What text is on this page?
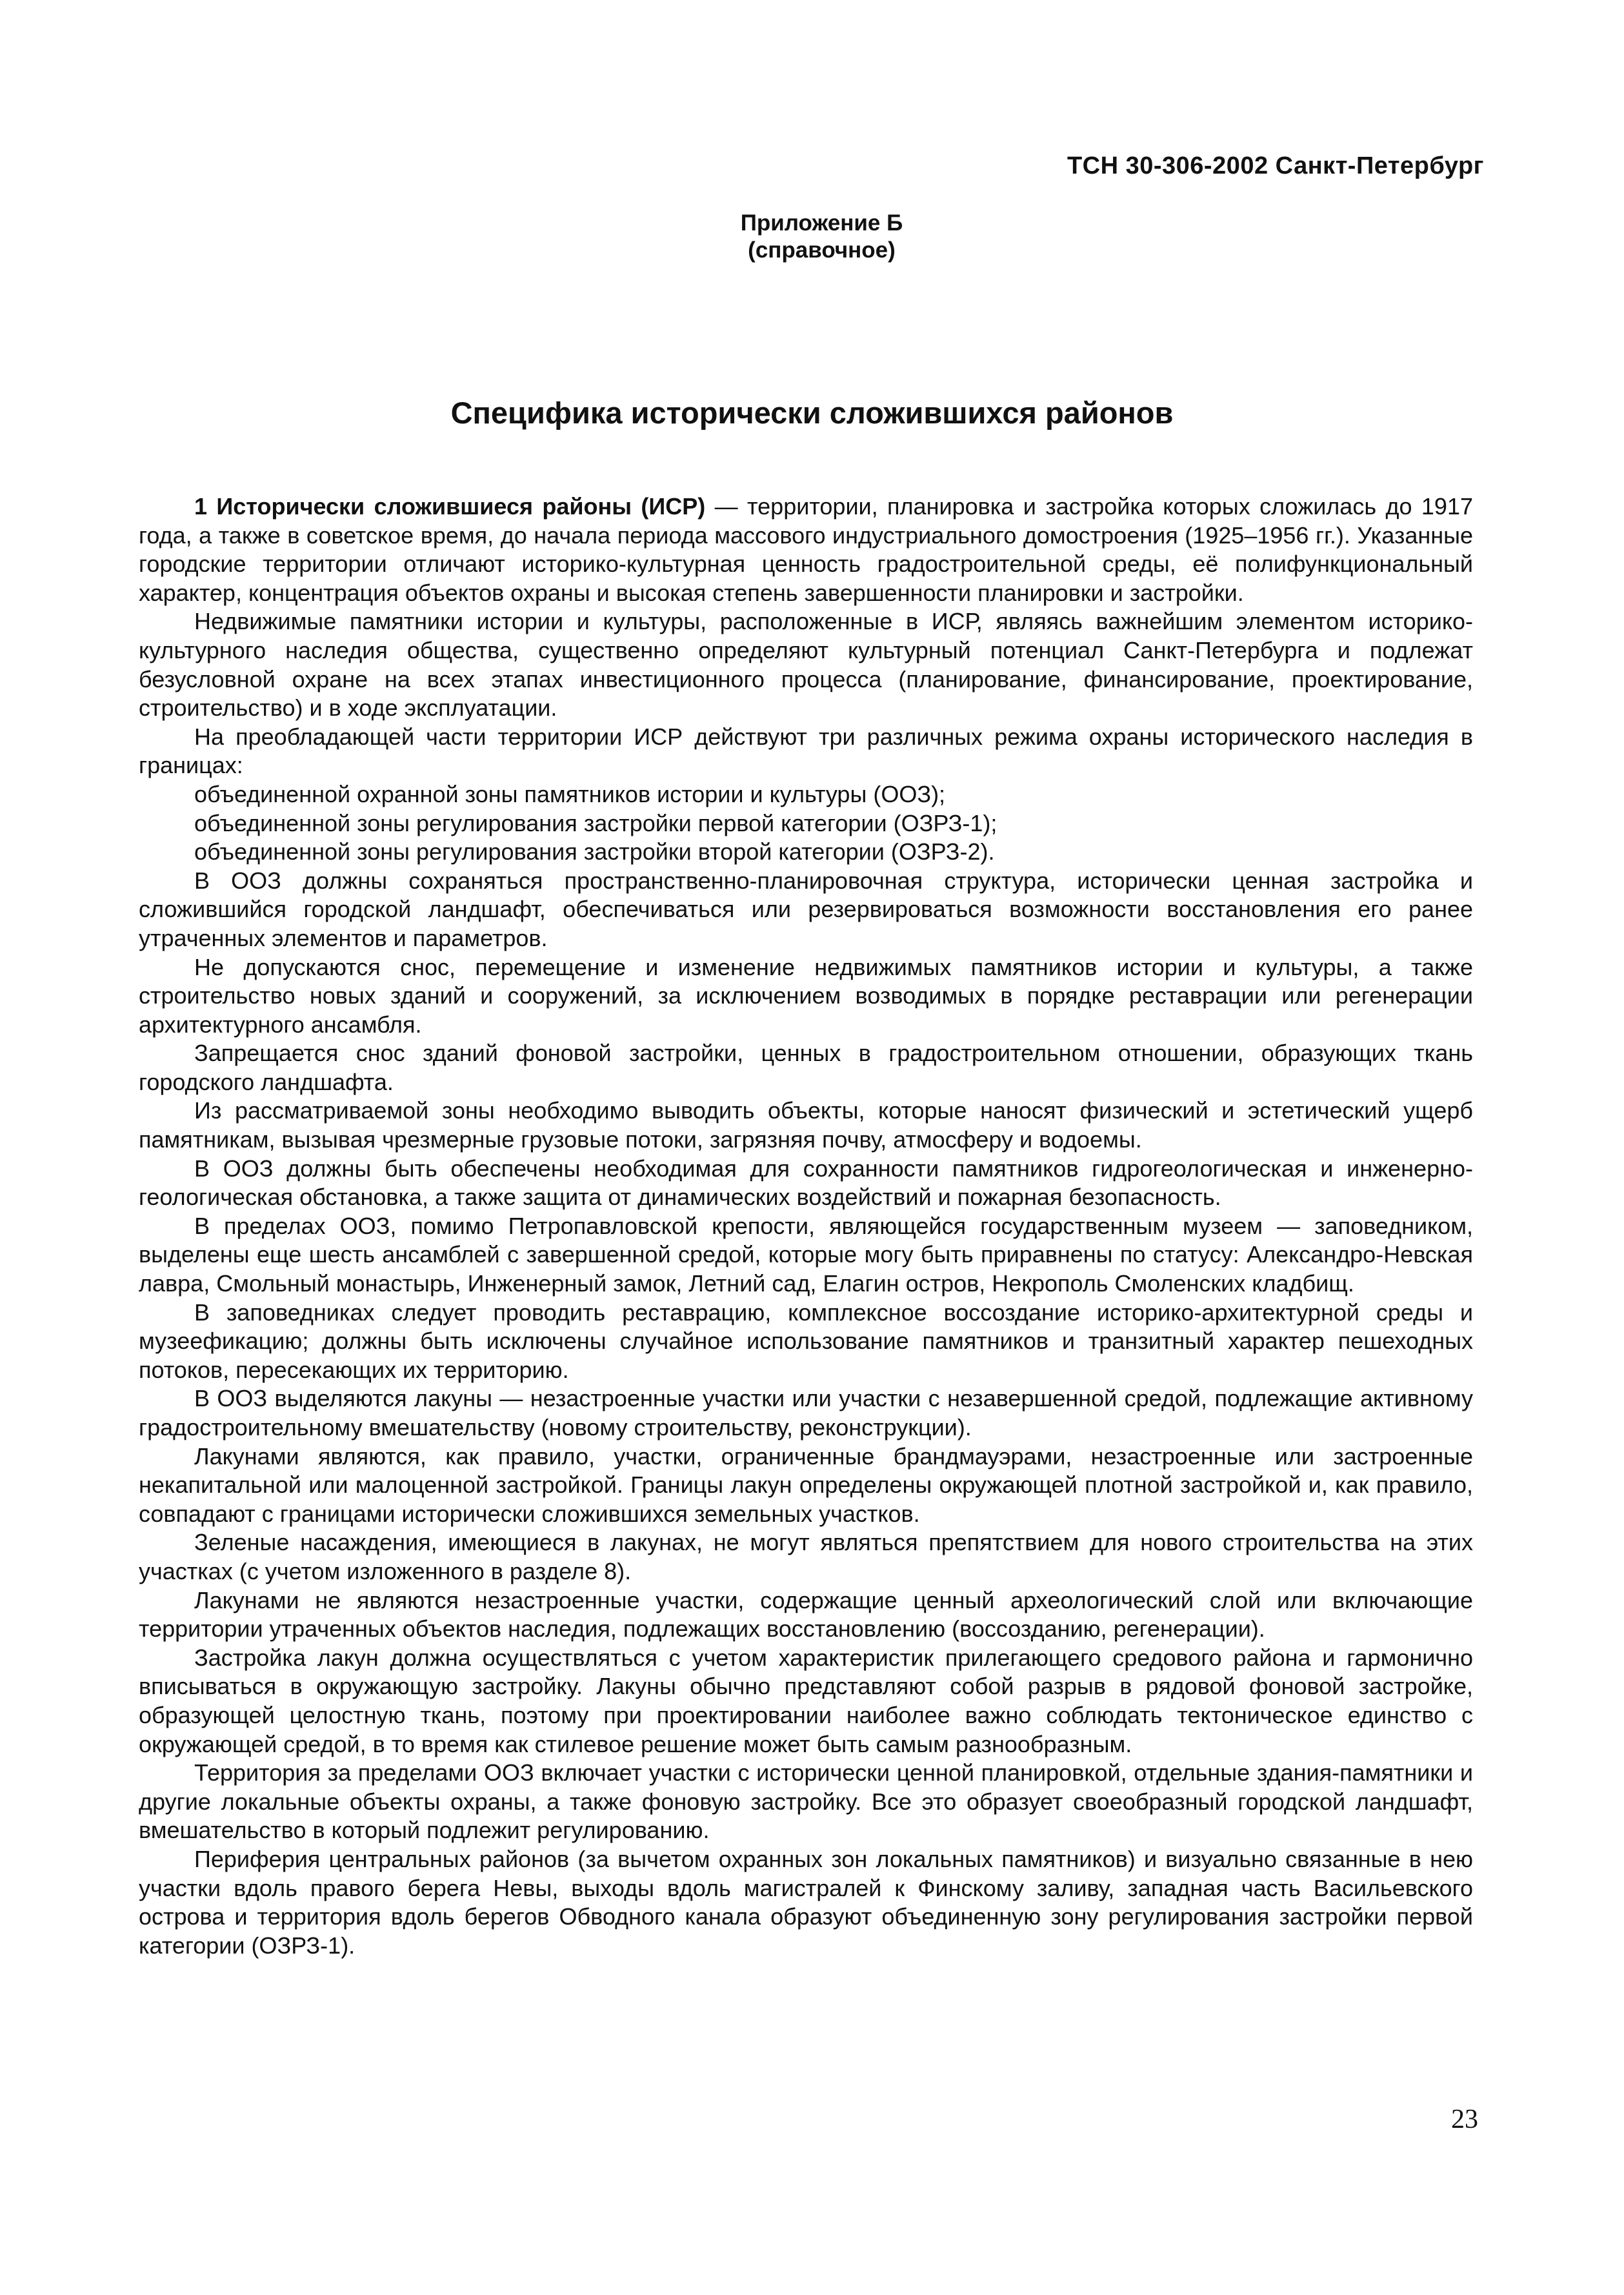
ТСН 30-306-2002 Санкт-Петербург
Приложение Б
(справочное)
Специфика исторически сложившихся районов

1 Исторически сложившиеся районы (ИСР) — территории, планировка и застройка которых сложилась до 1917 года, а также в советское время, до начала периода массового индустриального домостроения (1925–1956 гг.). Указанные городские территории отличают историко-культурная ценность градостроительной среды, её полифункциональный характер, концентрация объектов охраны и высокая степень завершенности планировки и застройки.

Недвижимые памятники истории и культуры, расположенные в ИСР, являясь важнейшим элементом историко-культурного наследия общества, существенно определяют культурный потенциал Санкт-Петербурга и подлежат безусловной охране на всех этапах инвестиционного процесса (планирование, финансирование, проектирование, строительство) и в ходе эксплуатации.

На преобладающей части территории ИСР действуют три различных режима охраны исторического наследия в границах:

объединенной охранной зоны памятников истории и культуры (ООЗ);

объединенной зоны регулирования застройки первой категории (ОЗРЗ-1);

объединенной зоны регулирования застройки второй категории (ОЗРЗ-2).

В ООЗ должны сохраняться пространственно-планировочная структура, исторически ценная застройка и сложившийся городской ландшафт, обеспечиваться или резервироваться возможности восстановления его ранее утраченных элементов и параметров.

Не допускаются снос, перемещение и изменение недвижимых памятников истории и культуры, а также строительство новых зданий и сооружений, за исключением возводимых в порядке реставрации или регенерации архитектурного ансамбля.

Запрещается снос зданий фоновой застройки, ценных в градостроительном отношении, образующих ткань городского ландшафта.

Из рассматриваемой зоны необходимо выводить объекты, которые наносят физический и эстетический ущерб памятникам, вызывая чрезмерные грузовые потоки, загрязняя почву, атмосферу и водоемы.

В ООЗ должны быть обеспечены необходимая для сохранности памятников гидрогеологическая и инженерно-геологическая обстановка, а также защита от динамических воздействий и пожарная безопасность.

В пределах ООЗ, помимо Петропавловской крепости, являющейся государственным музеем — заповедником, выделены еще шесть ансамблей с завершенной средой, которые могу быть приравнены по статусу: Александро-Невская лавра, Смольный монастырь, Инженерный замок, Летний сад, Елагин остров, Некрополь Смоленских кладбищ.

В заповедниках следует проводить реставрацию, комплексное воссоздание историко-архитектурной среды и музеефикацию; должны быть исключены случайное использование памятников и транзитный характер пешеходных потоков, пересекающих их территорию.

В ООЗ выделяются лакуны — незастроенные участки или участки с незавершенной средой, подлежащие активному градостроительному вмешательству (новому строительству, реконструкции).

Лакунами являются, как правило, участки, ограниченные брандмауэрами, незастроенные или застроенные некапитальной или малоценной застройкой. Границы лакун определены окружающей плотной застройкой и, как правило, совпадают с границами исторически сложившихся земельных участков.

Зеленые насаждения, имеющиеся в лакунах, не могут являться препятствием для нового строительства на этих участках (с учетом изложенного в разделе 8).

Лакунами не являются незастроенные участки, содержащие ценный археологический слой или включающие территории утраченных объектов наследия, подлежащих восстановлению (воссозданию, регенерации).

Застройка лакун должна осуществляться с учетом характеристик прилегающего средового района и гармонично вписываться в окружающую застройку. Лакуны обычно представляют собой разрыв в рядовой фоновой застройке, образующей целостную ткань, поэтому при проектировании наиболее важно соблюдать тектоническое единство с окружающей средой, в то время как стилевое решение может быть самым разнообразным.

Территория за пределами ООЗ включает участки с исторически ценной планировкой, отдельные здания-памятники и другие локальные объекты охраны, а также фоновую застройку. Все это образует своеобразный городской ландшафт, вмешательство в который подлежит регулированию.

Периферия центральных районов (за вычетом охранных зон локальных памятников) и визуально связанные в нею участки вдоль правого берега Невы, выходы вдоль магистралей к Финскому заливу, западная часть Васильевского острова и территория вдоль берегов Обводного канала образуют объединенную зону регулирования застройки первой категории (ОЗРЗ-1).

23
